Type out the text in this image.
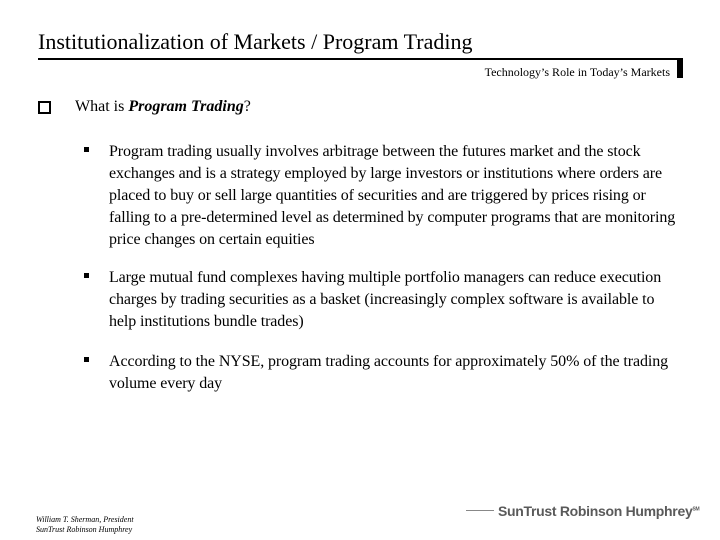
Institutionalization of Markets / Program Trading
Technology’s Role in Today’s Markets
What is Program Trading?
Program trading usually involves arbitrage between the futures market and the stock exchanges and is a strategy employed by large investors or institutions where orders are placed to buy or sell large quantities of securities and are triggered by prices rising or falling to a pre-determined level as determined by computer programs that are monitoring price changes on certain equities
Large mutual fund complexes having multiple portfolio managers can reduce execution charges by trading securities as a basket (increasingly complex software is available to help institutions bundle trades)
According to the NYSE, program trading accounts for approximately 50% of the trading volume every day
William T. Sherman, President
SunTrust Robinson Humphrey
SunTrust Robinson Humphrey℠
